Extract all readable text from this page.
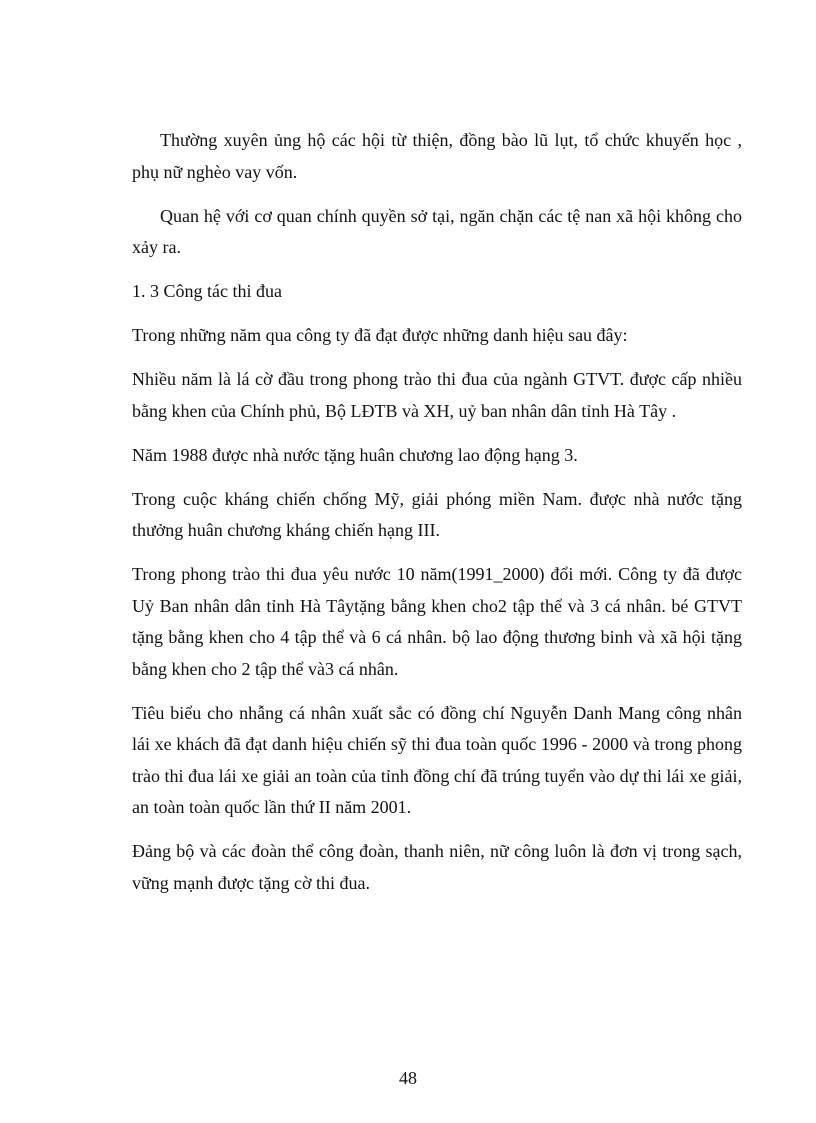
Thường xuyên ủng hộ các hội từ thiện, đồng bào lũ lụt, tổ chức khuyến học , phụ nữ nghèo vay vốn.

Quan hệ với cơ quan chính quyền sở tại, ngăn chặn các tệ nan xã hội không cho xảy ra.

1. 3 Công tác thi đua

Trong những năm qua công ty đã đạt được những danh hiệu sau đây:

Nhiều năm là lá cờ đầu trong phong trào thi đua của ngành GTVT. được cấp nhiều bằng khen của Chính phủ, Bộ LĐTB và XH, uỷ ban nhân dân tỉnh Hà Tây .

Năm 1988 được nhà nước tặng huân chương lao động hạng 3.

Trong cuộc kháng chiến chống Mỹ, giải phóng miền Nam. được nhà nước tặng thưởng huân chương kháng chiến hạng III.

Trong phong trào thi đua yêu nước 10 năm(1991_2000) đổi mới. Công ty đã được Uỷ Ban nhân dân tỉnh Hà Tâytặng bằng khen cho2 tập thể và 3 cá nhân. bé GTVT tặng bằng khen cho 4 tập thể và 6 cá nhân. bộ lao động thương binh và xã hội tặng bằng khen cho 2 tập thể và3 cá nhân.

Tiêu biểu cho nhẫng cá nhân xuất sắc có đồng chí Nguyễn Danh Mang công nhân lái xe khách đã đạt danh hiệu chiến sỹ thi đua toàn quốc 1996 - 2000 và trong phong trào thi đua lái xe giải an toàn của tỉnh đồng chí đã trúng tuyển vào dự thi lái xe giải, an toàn toàn quốc lần thứ II năm 2001.

Đảng bộ và các đoàn thể công đoàn, thanh niên, nữ công luôn là đơn vị trong sạch, vững mạnh được tặng cờ thi đua.

48
